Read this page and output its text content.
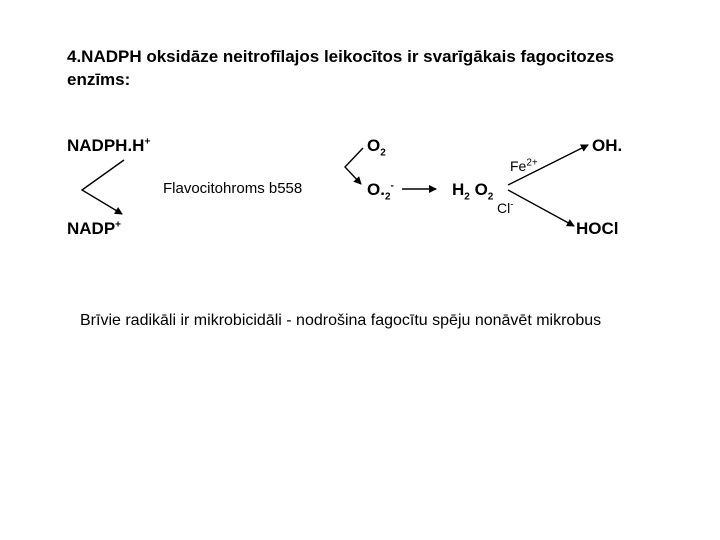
4.NADPH oksidāze neitrofīlajos leikocītos ir svarīgākais fagocitozes enzīms:
NADPH.H+
NADP+
Flavocitohroms b558
$O_2$
$O._2^-$	$H_2$ $O_2$
$Fe^{2+}$
Cl-
OH.
HOCl
Brīvie radikāli ir mikrobicidāli - nodrošina fagocītu spēju nonāvēt mikrobus
